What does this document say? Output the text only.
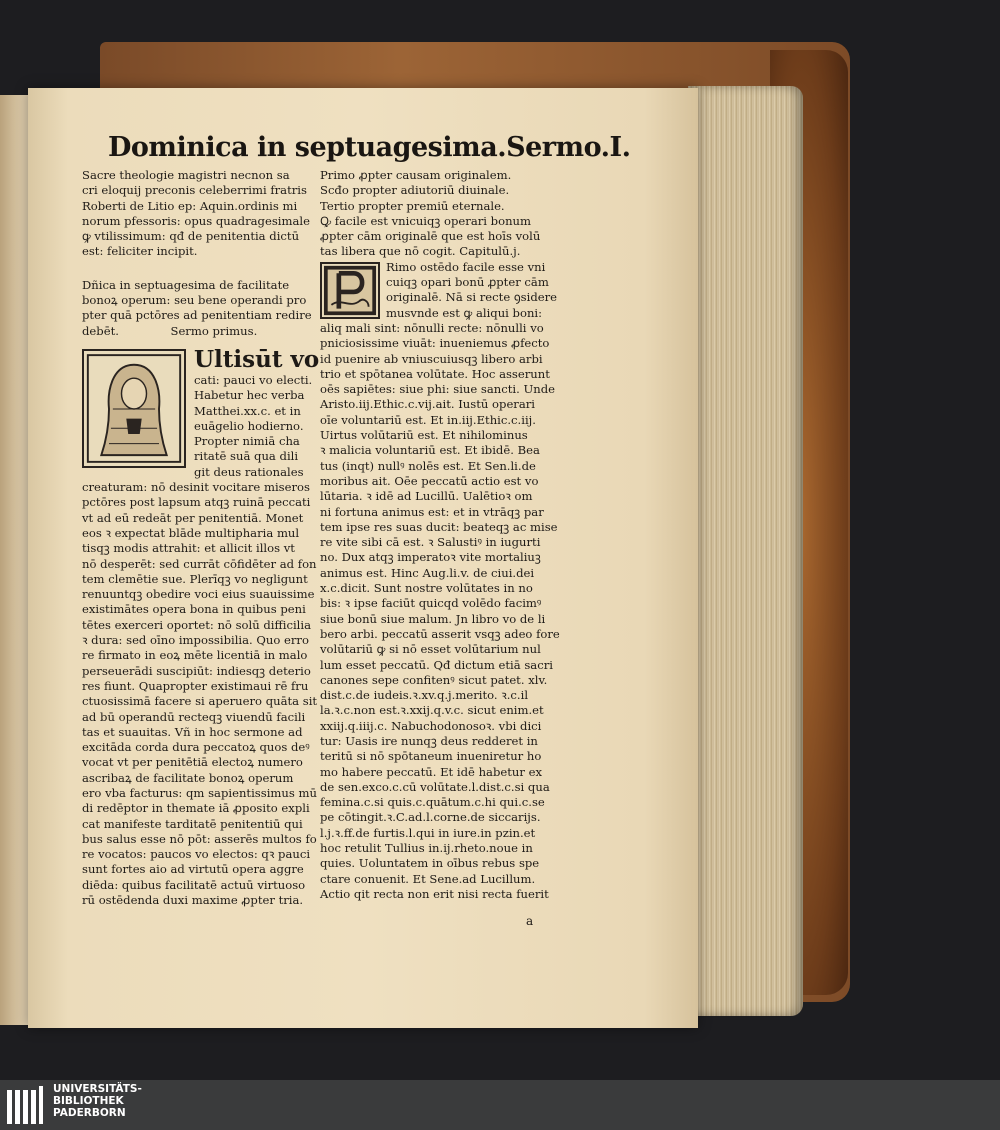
Dominica in septuagesima. Sermo.I.
Sacre theologie magistri necnon sa
cri eloquij preconis celeberrimi fratris
Roberti de Litio ep: Aquin.ordinis mi
norum pfessoris: opus quadragesimale
ꝙ vtilissimum: qđ de penitentia dictū
est: feliciter incipit.
Dñica in septuagesima de facilitate
bonoꝝ operum: seu bene operandi pro
pter quā pctōres ad penitentiam redire
debēt.              Sermo primus.
Ultisūt vo
cati: pauci vo electi.
Habetur hec verba
Matthei.xx.c. et in
euāgelio hodierno.
Propter nimiā cha
ritatē suā qua dili
git deus rationales
creaturam: nō desinit vocitare miseros
pctōres post lapsum atqꝫ ruinā peccati
vt ad eū redeāt per penitentiā. Monet
eos ꝛ expectat blāde multipharia mul
tisqꝫ modis attrahit: et allicit illos vt
nō desperēt: sed currāt cōfidēter ad fon
tem clemētie sue. Plerīqꝫ vo negligunt
renuuntqꝫ obedire voci eius suauissime
existimātes opera bona in quibus peni
tētes exerceri oportet: nō solū difficilia
ꝛ dura: sed oīno impossibilia. Quo erro
re firmato in eoꝝ mēte licentiā in malo
perseuerādi suscipiūt: indiesqꝫ deterio
res fiunt. Quapropter existimaui rē fru
ctuosissimā facere si aperuero quāta sit
ad bū operandū recteqꝫ viuendū facili
tas et suauitas. Vñ in hoc sermone ad
excitāda corda dura peccatoꝝ quos deꝰ
vocat vt per penitētiā electoꝝ numero
ascribaꝝ de facilitate bonoꝝ operum
ero vba facturus: qm sapientissimus mū
di redēptor in themate iā ꝓposito expli
cat manifeste tarditatē penitentiū qui
bus salus esse nō pōt: asserēs multos fo
re vocatos: paucos vo electos: qꝛ pauci
sunt fortes aio ad virtutū opera aggre
diēda: quibus facilitatē actuū virtuoso
rū ostēdenda duxi maxime ꝓpter tria.
Primo ꝓpter causam originalem.
Scđo propter adiutoriū diuinale.
Tertio propter premiū eternale.
Ꝙ facile est vnicuiqꝫ operari bonum
ꝓpter cām originalē que est hoīs volū
tas libera que nō cogit. Capitulū.j.
Rimo ostēdo facile esse vni
cuiqꝫ opari bonū ꝓpter cām
originalē. Nā si recte ꝯsidere
musvnde est ꝙ aliqui boni:
aliq mali sint: nōnulli recte: nōnulli vo
pniciosissime viuāt: inueniemus ꝓfecto
id puenire ab vniuscuiusqꝫ libero arbi
trio et spōtanea volūtate. Hoc asserunt
oēs sapiētes: siue phi: siue sancti. Unde
Aristo.iij.Ethic.c.vij.ait. Iustū operari
oīe voluntariū est. Et in.iij.Ethic.c.iij.
Uirtus volūtariū est. Et nihilominus
ꝛ malicia voluntariū est. Et ibidē. Bea
tus (inqt) nullꝰ nolēs est. Et Sen.li.de
moribus ait. Oēe peccatū actio est vo
lūtaria. ꝛ idē ad Lucillū. Ualētioꝛ om
ni fortuna animus est: et in vtrāqꝫ par
tem ipse res suas ducit: beateqꝫ ac mise
re vite sibi cā est. ꝛ Salustiꝰ in iugurti
no. Dux atqꝫ imperatoꝛ vite mortaliuꝫ
animus est. Hinc Aug.li.v. de ciui.dei
x.c.dicit. Sunt nostre volūtates in no
bis: ꝛ ipse faciūt quicqd volēdo facimꝰ
siue bonū siue malum. Jn libro vo de li
bero arbi. peccatū asserit vsqꝫ adeo fore
volūtariū ꝙ si nō esset volūtarium nul
lum esset peccatū. Qđ dictum etiā sacri
canones sepe confitenꝰ sicut patet. xlv.
dist.c.de iudeis.ꝛ.xv.q.j.merito. ꝛ.c.il
la.ꝛ.c.non est.ꝛ.xxij.q.v.c. sicut enim.et
xxiij.q.iiij.c. Nabuchodonosoꝛ. vbi dici
tur: Uasis ire nunqꝫ deus redderet in
teritū si nō spōtaneum inueniretur ho
mo habere peccatū. Et idē habetur ex
de sen.exco.c.cū volūtate.l.dist.c.si qua
femina.c.si quis.c.quātum.c.hi qui.c.se
pe cōtingit.ꝛ.C.ad.l.corne.de siccarijs.
l.j.ꝛ.ff.de furtis.l.qui in iure.in pzin.et
hoc retulit Tullius in.ij.rheto.noue in
quies. Uoluntatem in oībus rebus spe
ctare conuenit. Et Sene.ad Lucillum.
Actio qit recta non erit nisi recta fuerit
a
UNIVERSITÄTS-
BIBLIOTHEK
PADERBORN
